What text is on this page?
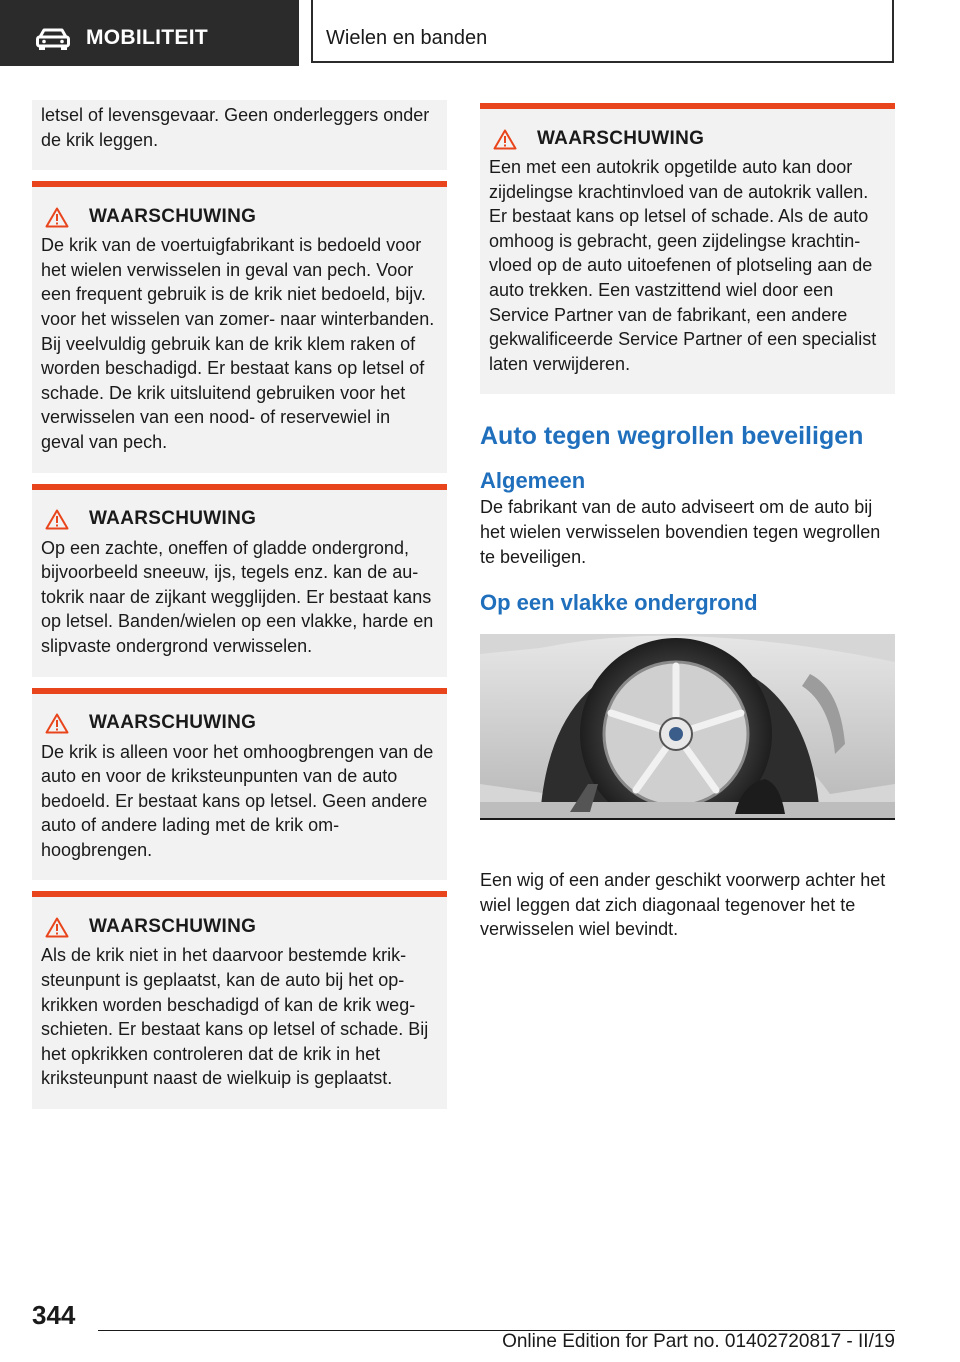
MOBILITEIT	Wielen en banden

letsel of levensgevaar. Geen onderleggers onder de krik leggen.

WAARSCHUWING

De krik van de voertuigfabrikant is bedoeld voor het wielen verwisselen in geval van pech. Voor een frequent gebruik is de krik niet bedoeld, bijv. voor het wisselen van zomer- naar winterbanden. Bij veelvuldig gebruik kan de krik klem raken of worden beschadigd. Er bestaat kans op letsel of schade. De krik uitsluitend gebruiken voor het verwisselen van een nood- of reservewiel in geval van pech.

WAARSCHUWING

Op een zachte, oneffen of gladde ondergrond, bijvoorbeeld sneeuw, ijs, tegels enz. kan de autokrik naar de zijkant wegglijden. Er bestaat kans op letsel. Banden/wielen op een vlakke, harde en slipvaste ondergrond verwisselen.

WAARSCHUWING

De krik is alleen voor het omhoogbrengen van de auto en voor de kriksteunpunten van de auto bedoeld. Er bestaat kans op letsel. Geen andere auto of andere lading met de krik omhoogbrengen.

WAARSCHUWING

Als de krik niet in het daarvoor bestemde kriksteunpunt is geplaatst, kan de auto bij het opkrikken worden beschadigd of kan de krik wegschieten. Er bestaat kans op letsel of schade. Bij het opkrikken controleren dat de krik in het kriksteunpunt naast de wielkuip is geplaatst.

WAARSCHUWING

Een met een autokrik opgetilde auto kan door zijdelingse krachtinvloed van de autokrik vallen. Er bestaat kans op letsel of schade. Als de auto omhoog is gebracht, geen zijdelingse krachtinvloed op de auto uitoefenen of plotseling aan de auto trekken. Een vastzittend wiel door een Service Partner van de fabrikant, een andere gekwalificeerde Service Partner of een specialist laten verwijderen.

Auto tegen wegrollen beveiligen
Algemeen

De fabrikant van de auto adviseert om de auto bij het wielen verwisselen bovendien tegen wegrollen te beveiligen.

Op een vlakke ondergrond

Een wig of een ander geschikt voorwerp achter het wiel leggen dat zich diagonaal tegenover het te verwisselen wiel bevindt.

344
Online Edition for Part no. 01402720817 - II/19
